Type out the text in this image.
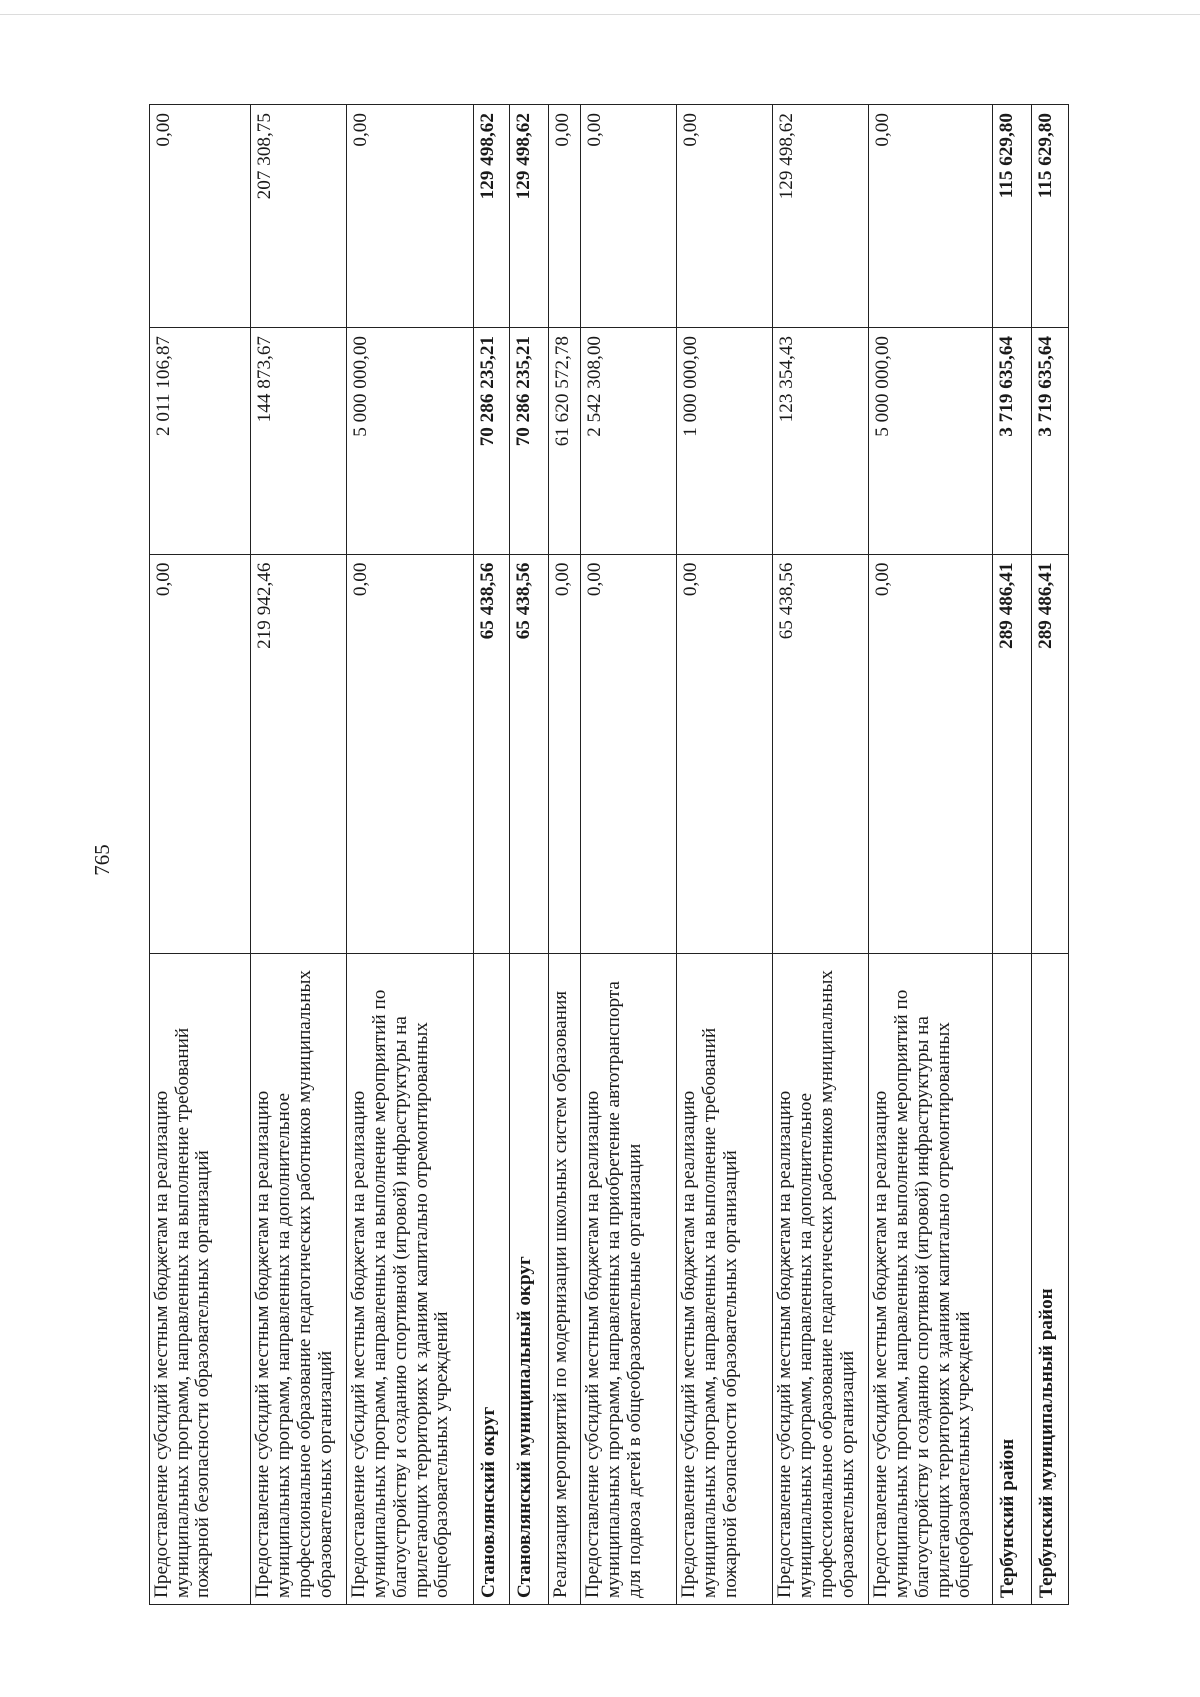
765
Предоставление субсидий местным бюджетам на реализацию муниципальных программ, направленных на выполнение требований пожарной безопасности образовательных организаций	0,00	2 011 106,87	0,00
Предоставление субсидий местным бюджетам на реализацию муниципальных программ, направленных на дополнительное профессиональное образование педагогических работников муниципальных образовательных организаций	219 942,46	144 873,67	207 308,75
Предоставление субсидий местным бюджетам на реализацию муниципальных программ, направленных на выполнение мероприятий по благоустройству и созданию спортивной (игровой) инфраструктуры на прилегающих территориях к зданиям капитально отремонтированных общеобразовательных учреждений	0,00	5 000 000,00	0,00
Становлянский округ	65 438,56	70 286 235,21	129 498,62
Становлянский муниципальный округ	65 438,56	70 286 235,21	129 498,62
Реализация мероприятий по модернизации школьных систем образования	0,00	61 620 572,78	0,00
Предоставление субсидий местным бюджетам на реализацию муниципальных программ, направленных на приобретение автотранспорта для подвоза детей в общеобразовательные организации	0,00	2 542 308,00	0,00
Предоставление субсидий местным бюджетам на реализацию муниципальных программ, направленных на выполнение требований пожарной безопасности образовательных организаций	0,00	1 000 000,00	0,00
Предоставление субсидий местным бюджетам на реализацию муниципальных программ, направленных на дополнительное профессиональное образование педагогических работников муниципальных образовательных организаций	65 438,56	123 354,43	129 498,62
Предоставление субсидий местным бюджетам на реализацию муниципальных программ, направленных на выполнение мероприятий по благоустройству и созданию спортивной (игровой) инфраструктуры на прилегающих территориях к зданиям капитально отремонтированных общеобразовательных учреждений	0,00	5 000 000,00	0,00
Тербунский район	289 486,41	3 719 635,64	115 629,80
Тербунский муниципальный район	289 486,41	3 719 635,64	115 629,80
